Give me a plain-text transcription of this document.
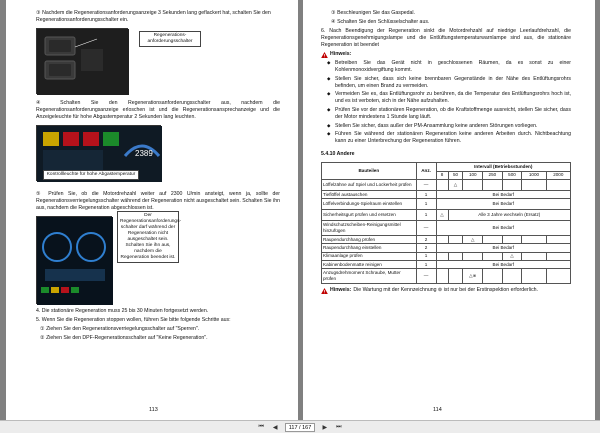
③ Nachdem die Regenerationsanforderungsanzeige 3 Sekunden lang geflackert hat, schalten Sie den Regenerationsanforderungsschalter ein.

Regenerations-anforderungsschalter

④ Schalten Sie den Regenerationsanforderungsschalter aus, nachdem die Regenerationsanforderungsanzeige erloschen ist und die Regenerationsansprechanzeige und die Anzeigeleuchte für hohe Abgastemperatur 2 Sekunden lang leuchten.

2389
Kontrollleuchte für hohe Abgastemperatur

⑤ Prüfen Sie, ob die Motordrehzahl weiter auf 2300 U/min ansteigt, wenn ja, sollte der Regenerationsverriegelungsschalter während der Regeneration nicht ausgeschaltet sein. Schalten Sie ihn aus, nachdem die Regeneration abgeschlossen ist.

Der Regenerationsanforderungs-schalter darf während der Regeneration nicht ausgeschaltet sein. Schalten Sie ihn aus, nachdem die Regeneration beendet ist.

4. Die stationäre Regeneration muss 25 bis 30 Minuten fortgesetzt werden.

5. Wenn Sie die Regeneration stoppen wollen, führen Sie bitte folgende Schritte aus:

① Ziehen Sie den Regenerationsverriegelungsschalter auf "Sperren".

② Ziehen Sie den DPF-Regenerationsschalter auf "Keine Regeneration".

113

③ Beschleunigen Sie das Gaspedal.

④ Schalten Sie den Schlüsselschalter aus.

6. Nach Beendigung der Regeneration sinkt die Motordrehzahl auf niedrige Leerlaufdrehzahl, die Regenerationsgenehmigungslampe und die Entlüftungstemperaturwarnlampe sind aus, die stationäre Regeneration ist beendet

Hinweis:
◆ Betreiben Sie das Gerät nicht in geschlossenen Räumen, da es sonst zu einer Kohlenmonoxidvergiftung kommt.
◆ Stellen Sie sicher, dass sich keine brennbaren Gegenstände in der Nähe des Entlüftungsrohrs befinden, um einen Brand zu vermeiden.
◆ Vermeiden Sie es, das Entlüftungsrohr zu berühren, da die Temperatur des Entlüftungsrohrs hoch ist, und es ist verboten, sich in der Nähe aufzuhalten.
◆ Prüfen Sie vor der stationären Regeneration, ob die Kraftstoffmenge ausreicht, stellen Sie sicher, dass der Motor mindestens 1 Stunde lang läuft.
◆ Stellen Sie sicher, dass außer der PM-Ansammlung keine anderen Störungen vorliegen.
◆ Führen Sie während der stationären Regeneration keine anderen Arbeiten durch. Nichtbeachtung kann zu einer Unterbrechung der Regeneration führen.

5.4.10 Andere

Bauteilen	Anz.	Intervall (Betriebsstunden)						
		8	50	100	250	500	1000	2000
Löffelzähne auf Spiel und Lockerheit prüfen	—		△					
Tieflöffel austauschen	1	Bei Bedarf						
Löffelverbindungs-Spielraum einstellen	1	Bei Bedarf						
Sicherheitsgurt prüfen und ersetzen	1	△	Alle 3 Jahre wechseln (Ersatz)					
Windschutzscheiben-Reinigungsmittel hinzufügen	—	Bei Bedarf						
Raupendurchhang prüfen	2			△				
Raupendurchhang einstellen	2	Bei Bedarf						
Klimaanlage prüfen	1					△		
Kabinenbodenmatte reinigen	1	Bei Bedarf						
Anzugsdrehmoment Schraube, Mutter prüfen	—			△※				
Hinweis: Die Wartung mit der Kennzeichnung ⊚ ist nur bei der Erstinspektion erforderlich.
114
⏮	◀	117 / 167	▶	⏭
